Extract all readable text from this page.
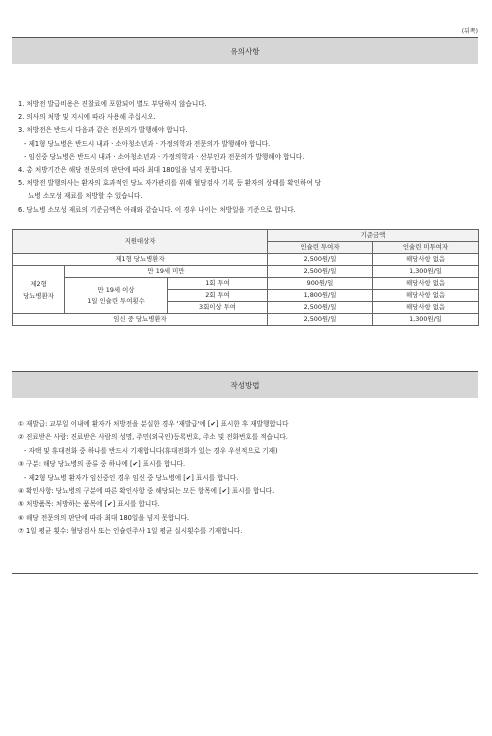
(뒤쪽)
유의사항
1. 처방전 발급비용은 진찰료에 포함되어 별도 부담하지 않습니다.
2. 의사의 처방 및 지시에 따라 사용해 주십시오.
3. 처방전은 반드시 다음과 같은 전문의가 발행해야 합니다.
- 제1형 당뇨병은 반드시 내과ㆍ소아청소년과ㆍ가정의학과 전문의가 발행해야 합니다.
- 임신중 당뇨병은 반드시 내과ㆍ소아청소년과ㆍ가정의학과ㆍ산부인과 전문의가 발행해야 합니다.
4. 총 처방기간은 해당 전문의의 판단에 따라 최대 180일을 넘지 못합니다.
5. 처방전 발행의사는 환자의 효과적인 당뇨 자가관리를 위해 혈당검사 기록 등 환자의 상태를 확인하여 당
뇨병 소모성 재료를 처방할 수 있습니다.
6. 당뇨병 소모성 재료의 기준금액은 아래와 같습니다. 이 경우 나이는 처방일을 기준으로 합니다.
지원대상자			기준금액	
			인슐린 투여자	인슐린 미투여자
제1형 당뇨병환자			2,500원/일	해당사항 없음

제2형
당뇨병환자	만 19세 미만		2,500원/일	1,300원/일

	만 19세 이상
1일 인슐린 투여횟수	1회 투여	900원/일	해당사항 없음
		2회 투여	1,800원/일	해당사항 없음
		3회이상 투여	2,500원/일	해당사항 없음
임신 중 당뇨병환자			2,500원/일	1,300원/일
작성방법
① 재발급: 교부일 이내에 환자가 처방전을 분실한 경우 '재발급'에 [✔] 표시한 후 재발행합니다
② 진료받은 사람: 진료받은 사람의 성명, 주민(외국인)등록번호, 주소 및 전화번호를 적습니다.
- 자택 및 휴대전화 중 하나를 반드시 기재합니다(휴대전화가 있는 경우 우선적으로 기재)
③ 구분: 해당 당뇨병의 종류 중 하나에 [✔] 표시를 합니다.
- 제2형 당뇨병 환자가 임신중인 경우 임신 중 당뇨병에 [✔] 표시를 합니다.
④ 확인사항: 당뇨병의 구분에 따른 확인사항 중 해당되는 모든 항목에 [✔] 표시를 합니다.
⑤ 처방품목: 처방하는 품목에 [✔] 표시를 합니다.
⑥ 해당 전문의의 판단에 따라 최대 180일을 넘지 못합니다.
⑦ 1일 평균 횟수: 혈당검사 또는 인슐린주사 1일 평균 실시횟수를 기재합니다.
